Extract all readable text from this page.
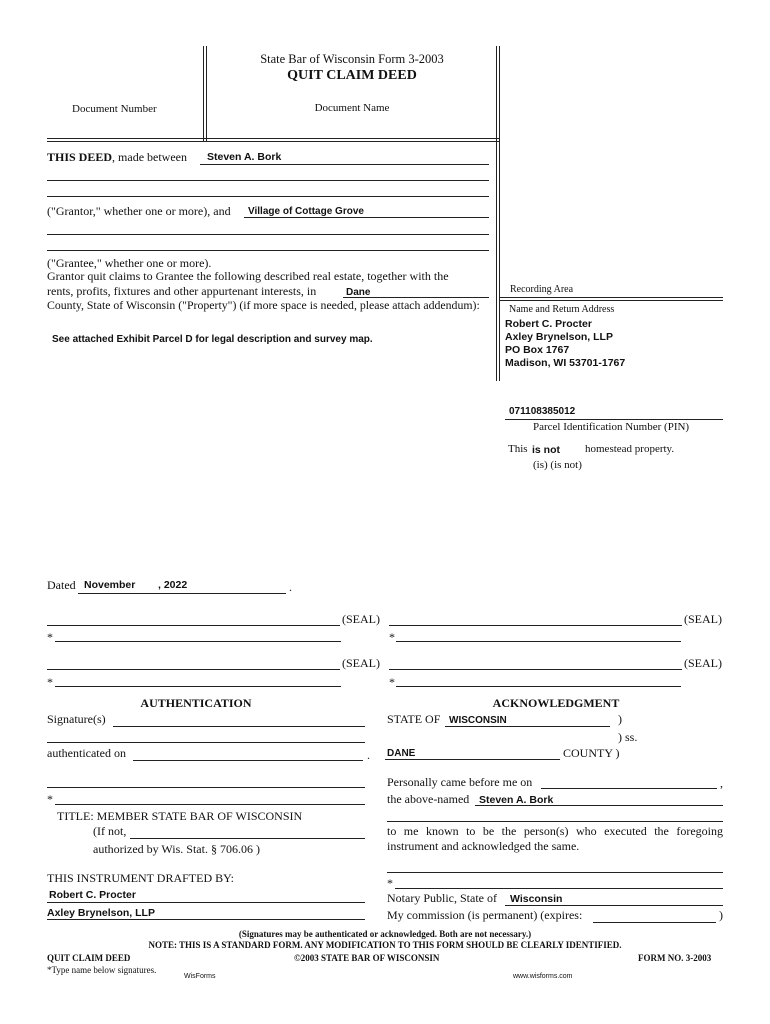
State Bar of Wisconsin Form 3-2003
QUIT CLAIM DEED
Document Number	Document Name
THIS DEED, made between Steven A. Bork
("Grantor," whether one or more), and Village of Cottage Grove
("Grantee," whether one or more).
Grantor quit claims to Grantee the following described real estate, together with the
rents, profits, fixtures and other appurtenant interests, in	Dane
County, State of Wisconsin ("Property") (if more space is needed, please attach addendum):
See attached Exhibit Parcel D for legal description and survey map.
Recording Area
Name and Return Address
Robert C. Procter
Axley Brynelson, LLP
PO Box 1767
Madison, WI 53701-1767
071108385012
Parcel Identification Number (PIN)
This is not homestead property.
(is) (is not)
Dated November , 2022	.
(SEAL)
*
(SEAL)
*
(SEAL)
*
(SEAL)
*
AUTHENTICATION
Signature(s)
authenticated on	.
*
TITLE: MEMBER STATE BAR OF WISCONSIN
(If not,
authorized by Wis. Stat. § 706.06 )
THIS INSTRUMENT DRAFTED BY:
Robert C. Procter
Axley Brynelson, LLP
ACKNOWLEDGMENT
STATE OF WISCONSIN	)
) ss.
DANE	COUNTY )
Personally came before me on	,
the above-named Steven A. Bork
to me known to be the person(s) who executed the foregoing instrument and acknowledged the same.
*
Notary Public, State of Wisconsin
My commission (is permanent) (expires:	)
(Signatures may be authenticated or acknowledged. Both are not necessary.)
NOTE: THIS IS A STANDARD FORM. ANY MODIFICATION TO THIS FORM SHOULD BE CLEARLY IDENTIFIED.
QUIT CLAIM DEED	©2003 STATE BAR OF WISCONSIN	FORM NO. 3-2003
*Type name below signatures.
WisForms	www.wisforms.com
